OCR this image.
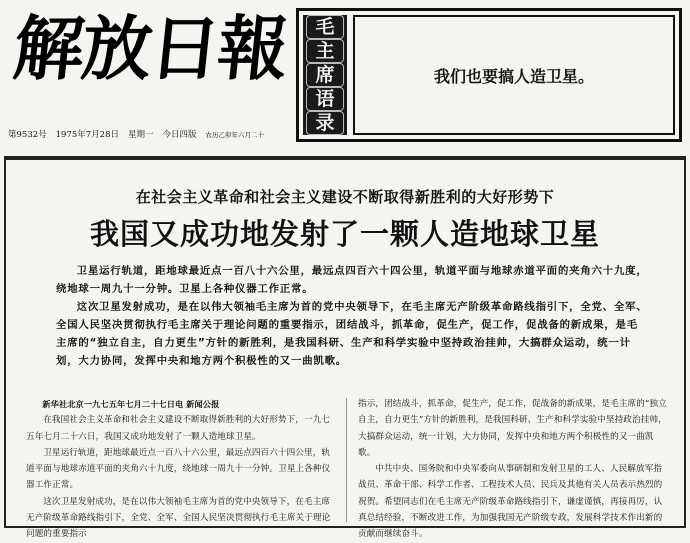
解放日報
第9532号 1975年7月28日 星期一 今日四版 农历乙卯年六月二十
毛
主
席
语
录
我们也要搞人造卫星。
在社会主义革命和社会主义建设不断取得新胜利的大好形势下
我国又成功地发射了一颗人造地球卫星

卫星运行轨道，距地球最近点一百八十六公里，最远点四百六十四公里，轨道平面与地球赤道平面的夹角六十九度，绕地球一周九十一分钟。卫星上各种仪器工作正常。

这次卫星发射成功，是在以伟大领袖毛主席为首的党中央领导下，在毛主席无产阶级革命路线指引下，全党、全军、全国人民坚决贯彻执行毛主席关于理论问题的重要指示，团结战斗，抓革命，促生产，促工作，促战备的新成果，是毛主席的“独立自主，自力更生”方针的新胜利，是我国科研、生产和科学实验中坚持政治挂帅，大搞群众运动，统一计划，大力协同，发挥中央和地方两个积极性的又一曲凯歌。

新华社北京一九七五年七月二十七日电 新闻公报

在我国社会主义革命和社会主义建设不断取得新胜利的大好形势下，一九七五年七月二十六日，我国又成功地发射了一颗人造地球卫星。

卫星运行轨道，距地球最近点一百八十六公里，最远点四百六十四公里，轨道平面与地球赤道平面的夹角六十九度，绕地球一周九十一分钟。卫星上各种仪器工作正常。

这次卫星发射成功，是在以伟大领袖毛主席为首的党中央领导下，在毛主席无产阶级革命路线指引下，全党、全军、全国人民坚决贯彻执行毛主席关于理论问题的重要指示

指示，团结战斗，抓革命，促生产，促工作，促战备的新成果，是毛主席的“独立自主，自力更生”方针的新胜利，是我国科研、生产和科学实验中坚持政治挂帅，大搞群众运动，统一计划，大力协同，发挥中央和地方两个积极性的又一曲凯歌。

中共中央、国务院和中央军委向从事研制和发射卫星的工人、人民解放军指战员、革命干部、科学工作者、工程技术人员、民兵及其他有关人员表示热烈的祝贺。希望同志们在毛主席无产阶级革命路线指引下，谦虚谨慎，再接再厉，认真总结经验，不断改进工作，为加强我国无产阶级专政，发展科学技术作出新的贡献而继续奋斗。
